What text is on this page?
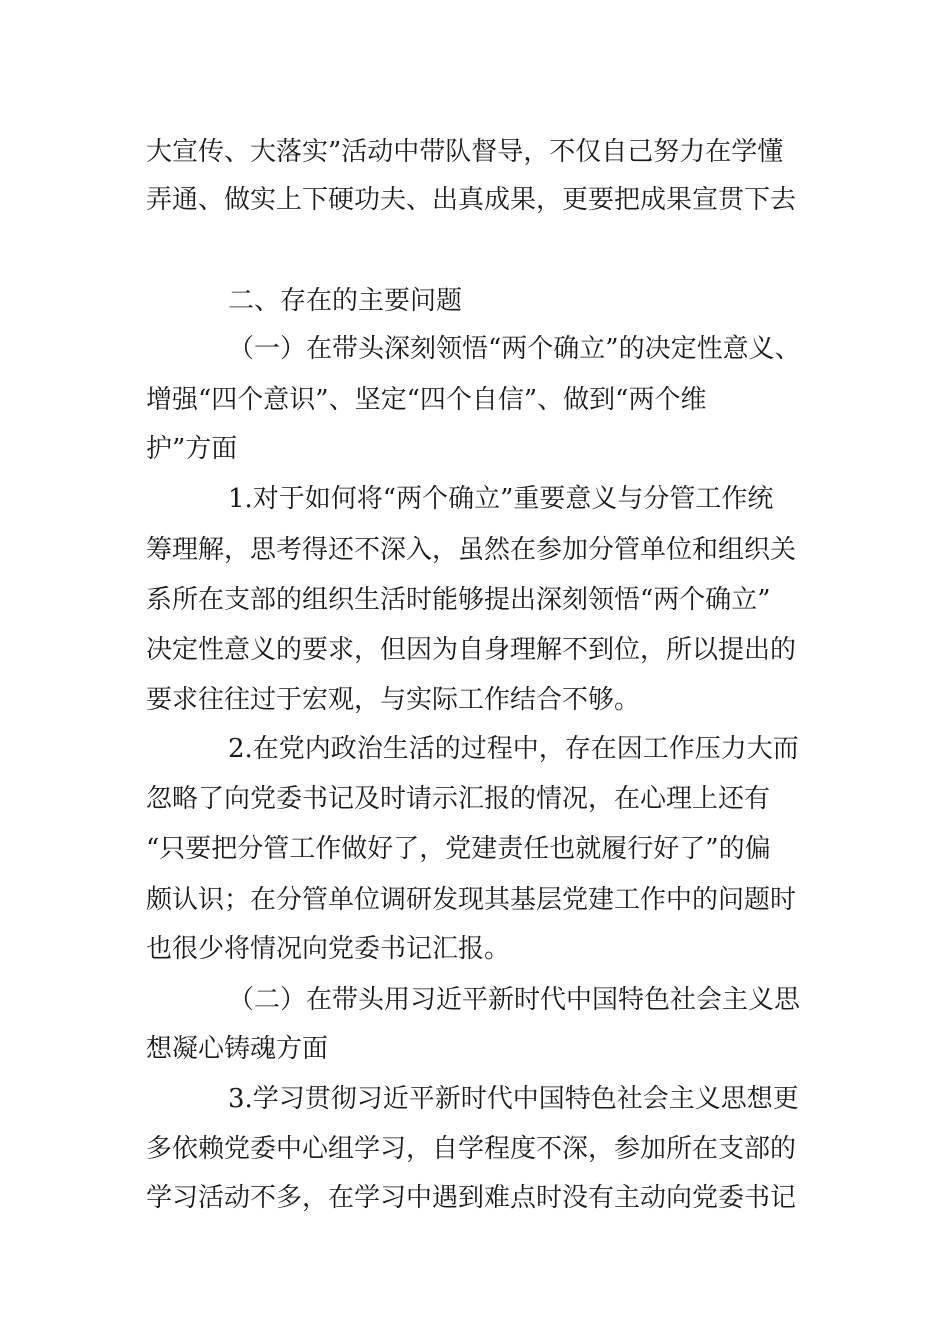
大宣传、大落实”活动中带队督导，不仅自己努力在学懂
弄通、做实上下硬功夫、出真成果，更要把成果宣贯下去
二、存在的主要问题
（一）在带头深刻领悟“两个确立”的决定性意义、
增强“四个意识”、坚定“四个自信”、做到“两个维
护”方面
1.对于如何将“两个确立”重要意义与分管工作统
筹理解，思考得还不深入，虽然在参加分管单位和组织关
系所在支部的组织生活时能够提出深刻领悟“两个确立”
决定性意义的要求，但因为自身理解不到位，所以提出的
要求往往过于宏观，与实际工作结合不够。
2.在党内政治生活的过程中，存在因工作压力大而
忽略了向党委书记及时请示汇报的情况，在心理上还有
“只要把分管工作做好了，党建责任也就履行好了”的偏
颇认识；在分管单位调研发现其基层党建工作中的问题时
也很少将情况向党委书记汇报。
（二）在带头用习近平新时代中国特色社会主义思
想凝心铸魂方面
3.学习贯彻习近平新时代中国特色社会主义思想更
多依赖党委中心组学习，自学程度不深，参加所在支部的
学习活动不多，在学习中遇到难点时没有主动向党委书记
